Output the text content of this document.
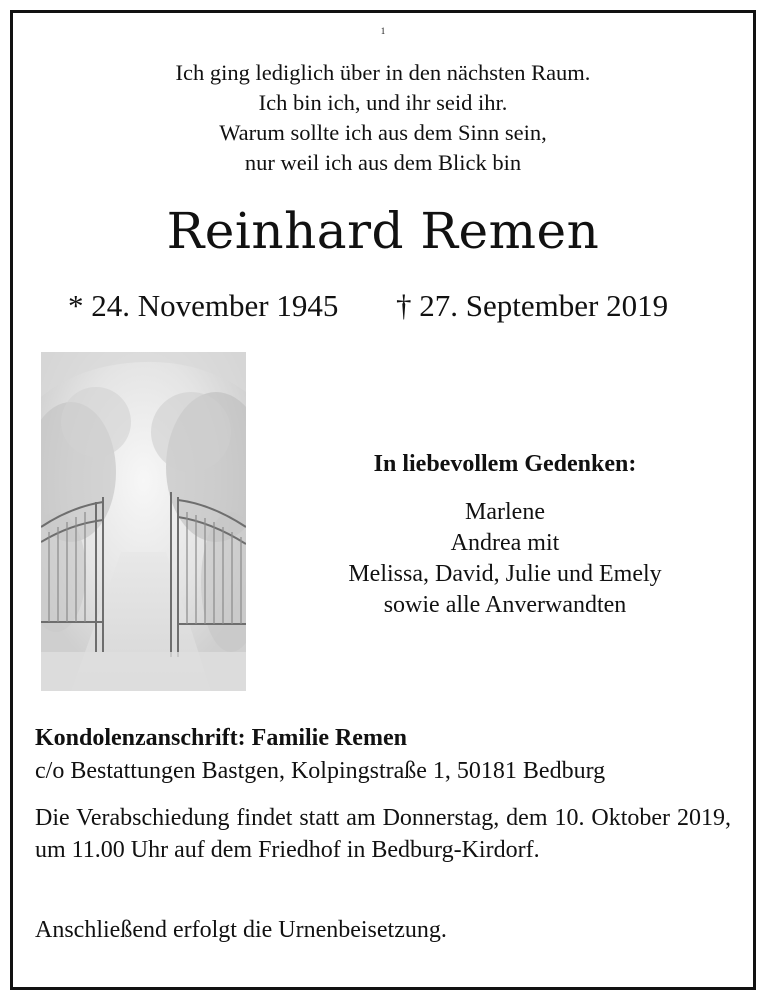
1
Ich ging lediglich über in den nächsten Raum.
Ich bin ich, und ihr seid ihr.
Warum sollte ich aus dem Sinn sein,
nur weil ich aus dem Blick bin
Reinhard Remen
* 24. November 1945 † 27. September 2019
In liebevollem Gedenken:
Marlene
Andrea mit
Melissa, David, Julie und Emely
sowie alle Anverwandten
Kondolenzanschrift: Familie Remen
c/o Bestattungen Bastgen, Kolpingstraße 1, 50181 Bedburg
Die Verabschiedung findet statt am Donnerstag, dem 10. Oktober 2019, um 11.00 Uhr auf dem Friedhof in Bedburg-Kirdorf.
Anschließend erfolgt die Urnenbeisetzung.
